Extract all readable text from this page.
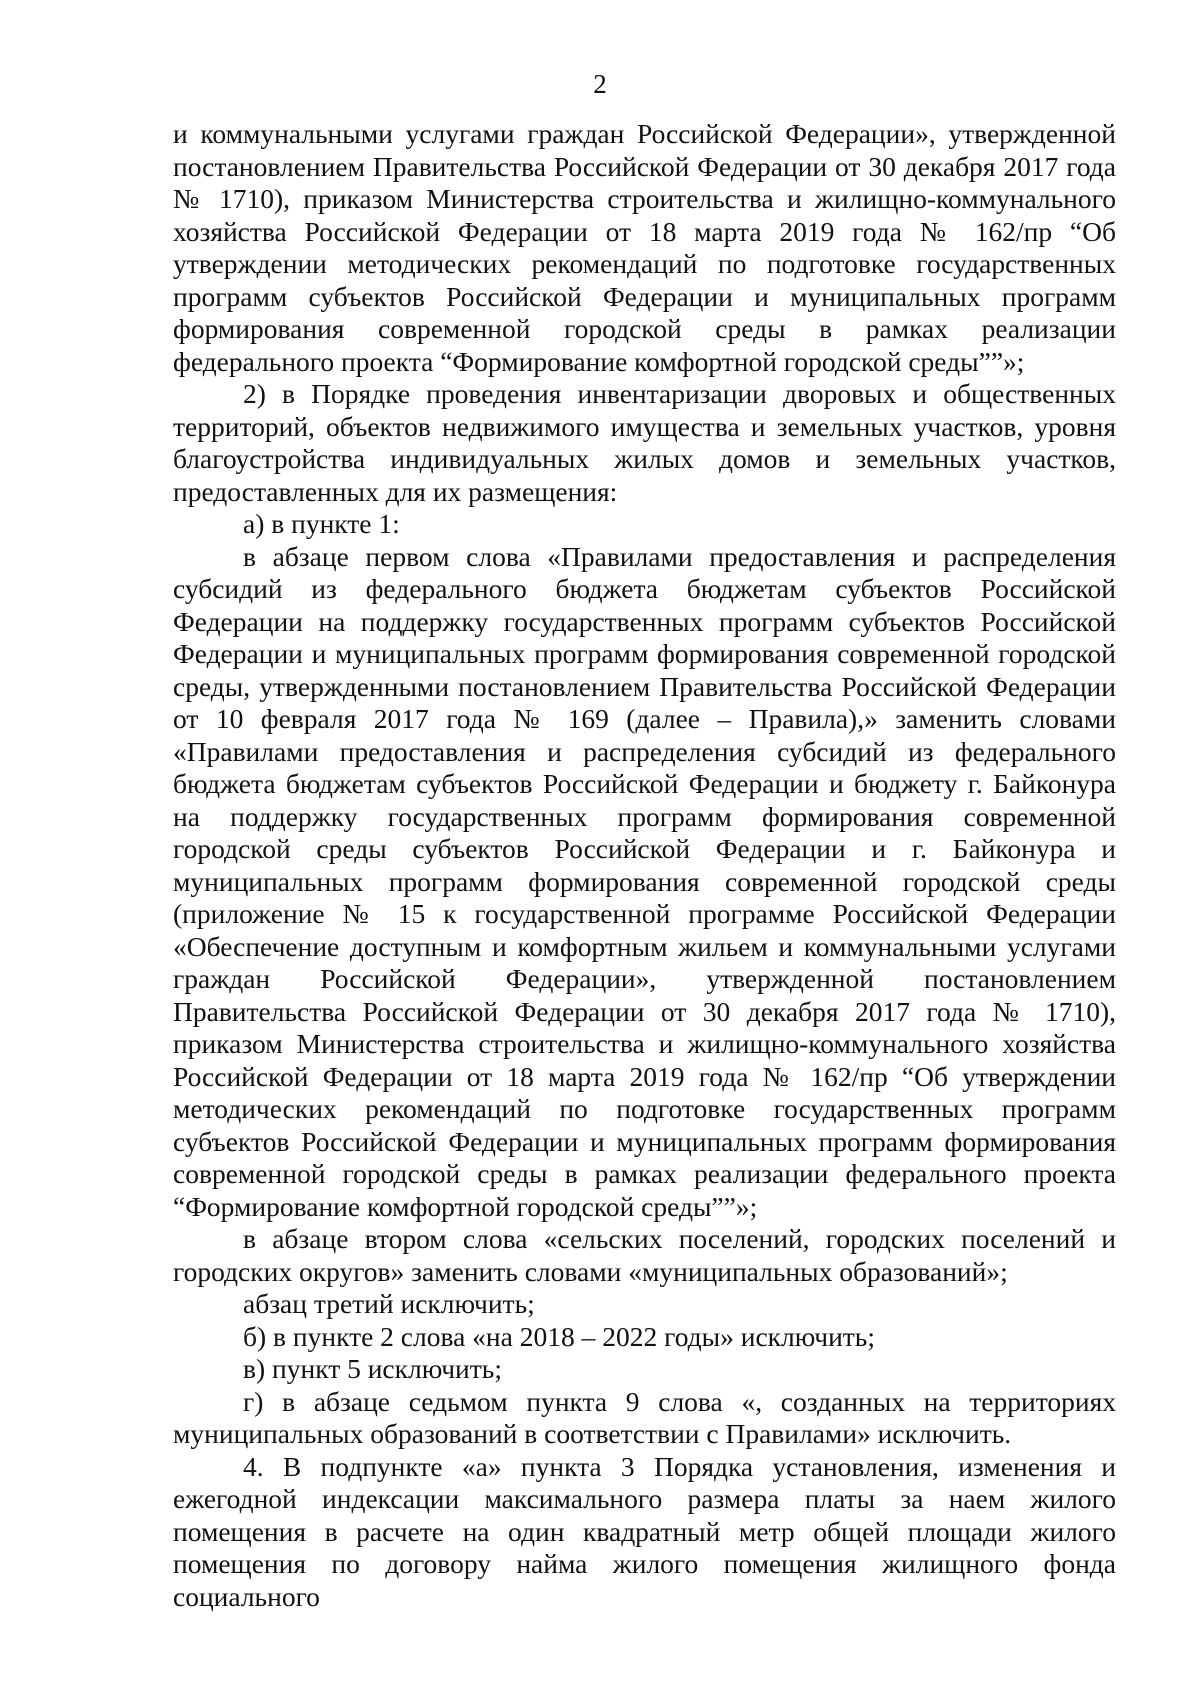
2

и коммунальными услугами граждан Российской Федерации», утвержденной постановлением Правительства Российской Федерации от 30 декабря 2017 года № 1710), приказом Министерства строительства и жилищно-коммунального хозяйства Российской Федерации от 18 марта 2019 года № 162/пр “Об утверждении методических рекомендаций по подготовке государственных программ субъектов Российской Федерации и муниципальных программ формирования современной городской среды в рамках реализации федерального проекта “Формирование комфортной городской среды””»;

2) в Порядке проведения инвентаризации дворовых и общественных территорий, объектов недвижимого имущества и земельных участков, уровня благоустройства индивидуальных жилых домов и земельных участков, предоставленных для их размещения:

а) в пункте 1:

в абзаце первом слова «Правилами предоставления и распределения субсидий из федерального бюджета бюджетам субъектов Российской Федерации на поддержку государственных программ субъектов Российской Федерации и муниципальных программ формирования современной городской среды, утвержденными постановлением Правительства Российской Федерации от 10 февраля 2017 года № 169 (далее – Правила),» заменить словами «Правилами предоставления и распределения субсидий из федерального бюджета бюджетам субъектов Российской Федерации и бюджету г. Байконура на поддержку государственных программ формирования современной городской среды субъектов Российской Федерации и г. Байконура и муниципальных программ формирования современной городской среды (приложение № 15 к государственной программе Российской Федерации «Обеспечение доступным и комфортным жильем и коммунальными услугами граждан Российской Федерации», утвержденной постановлением Правительства Российской Федерации от 30 декабря 2017 года № 1710), приказом Министерства строительства и жилищно-коммунального хозяйства Российской Федерации от 18 марта 2019 года № 162/пр “Об утверждении методических рекомендаций по подготовке государственных программ субъектов Российской Федерации и муниципальных программ формирования современной городской среды в рамках реализации федерального проекта “Формирование комфортной городской среды””»;

в абзаце втором слова «сельских поселений, городских поселений и городских округов» заменить словами «муниципальных образований»;

абзац третий исключить;

б) в пункте 2 слова «на 2018 – 2022 годы» исключить;

в) пункт 5 исключить;

г) в абзаце седьмом пункта 9 слова «, созданных на территориях муниципальных образований в соответствии с Правилами» исключить.

4. В подпункте «а» пункта 3 Порядка установления, изменения и ежегодной индексации максимального размера платы за наем жилого помещения в расчете на один квадратный метр общей площади жилого помещения по договору найма жилого помещения жилищного фонда социального
